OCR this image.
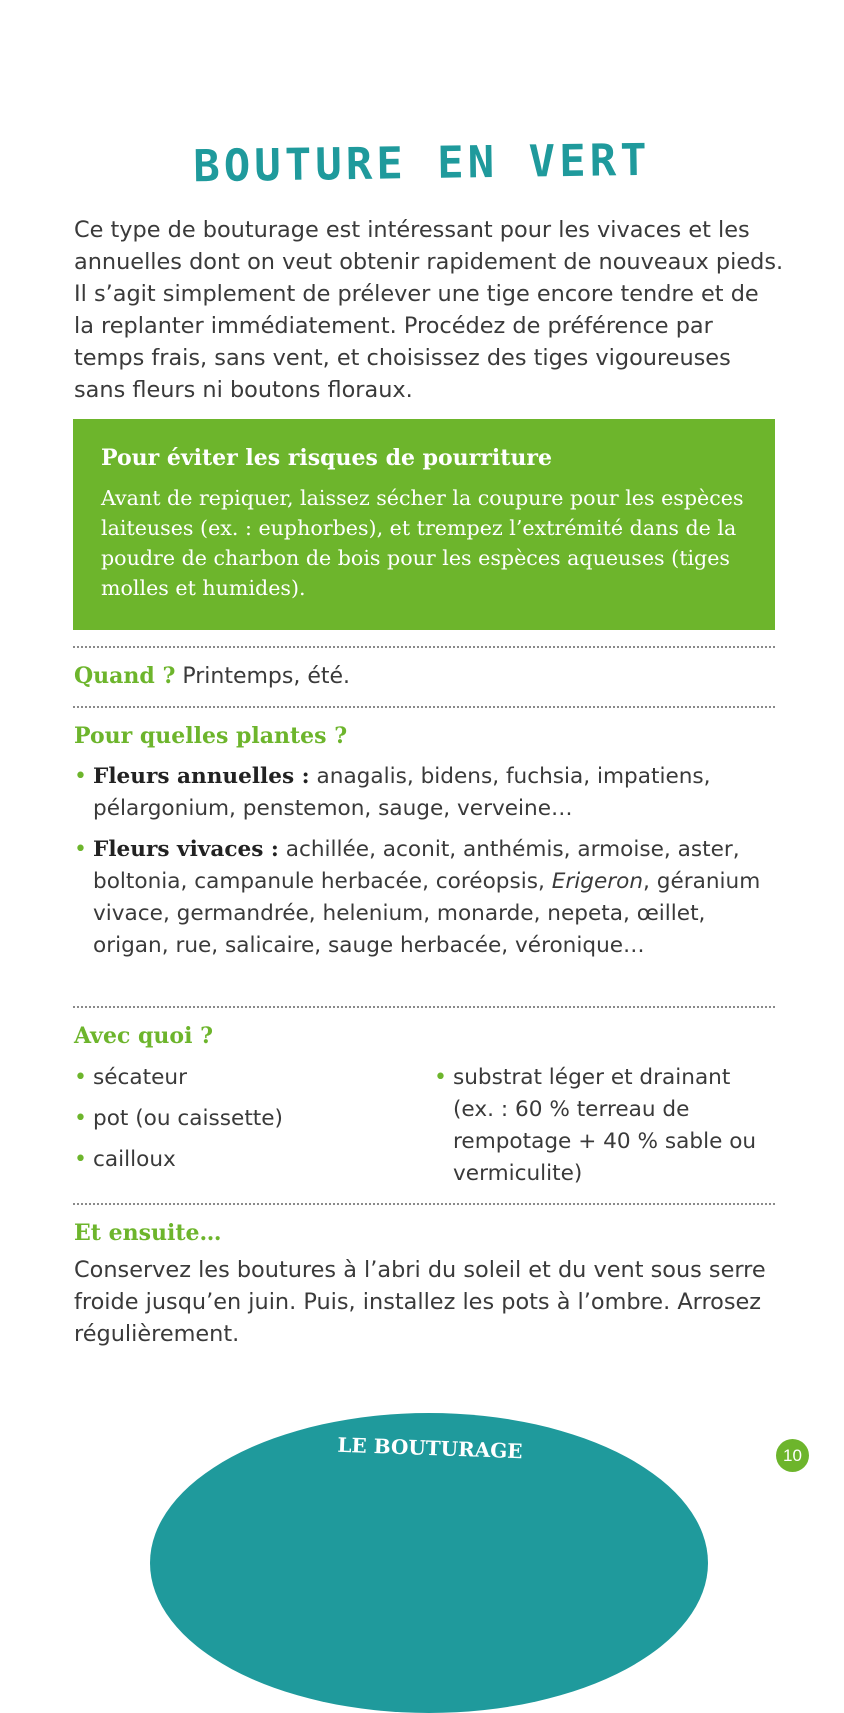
BOUTURE EN VERT

Ce type de bouturage est intéressant pour les vivaces et les annuelles dont on veut obtenir rapidement de nouveaux pieds. Il s’agit simplement de prélever une tige encore tendre et de la replanter immédiatement. Procédez de préférence par temps frais, sans vent, et choisissez des tiges vigoureuses sans fleurs ni boutons floraux.

Pour éviter les risques de pourriture

Avant de repiquer, laissez sécher la coupure pour les espèces laiteuses (ex. : euphorbes), et trempez l’extrémité dans de la poudre de charbon de bois pour les espèces aqueuses (tiges molles et humides).

Quand ? Printemps, été.

Pour quelles plantes ?

• Fleurs annuelles : anagalis, bidens, fuchsia, impatiens, pélargonium, penstemon, sauge, verveine…
• Fleurs vivaces : achillée, aconit, anthémis, armoise, aster, boltonia, campanule herbacée, coréopsis, Erigeron, géranium vivace, germandrée, helenium, monarde, nepeta, œillet, origan, rue, salicaire, sauge herbacée, véronique…

Avec quoi ?

• sécateur
• pot (ou caissette)
• cailloux
• substrat léger et drainant (ex. : 60 % terreau de rempotage + 40 % sable ou vermiculite)

Et ensuite…

Conservez les boutures à l’abri du soleil et du vent sous serre froide jusqu’en juin. Puis, installez les pots à l’ombre. Arrosez régulièrement.

LE BOUTURAGE	10
